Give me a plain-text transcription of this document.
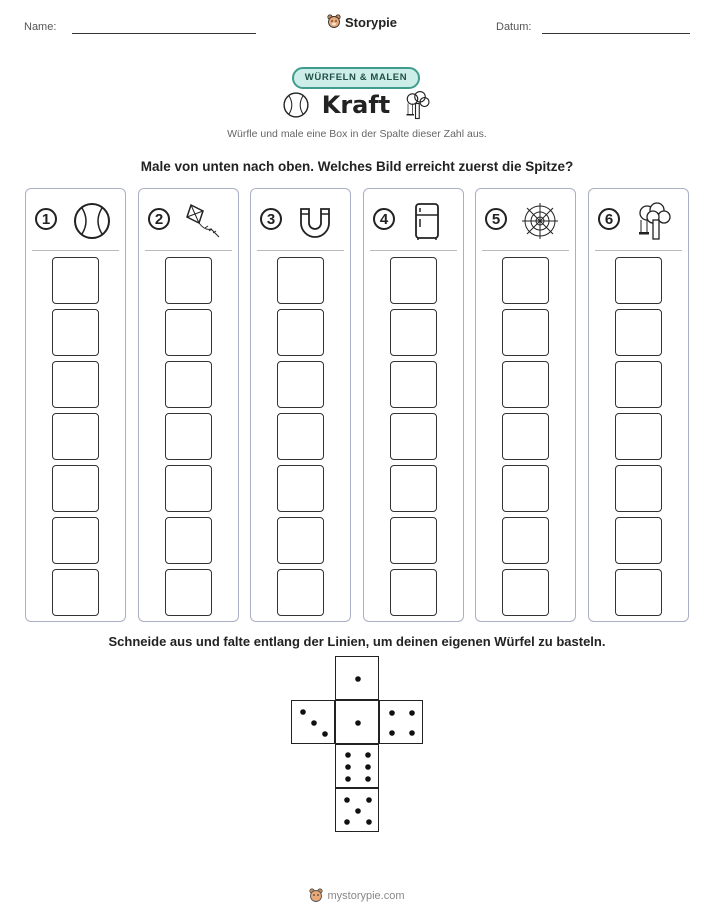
Name:	Storypie	Datum:
WÜRFELN & MALEN
Kraft
Würfle und male eine Box in der Spalte dieser Zahl aus.
Male von unten nach oben. Welches Bild erreicht zuerst die Spitze?
1	2	3	4	5	6
Schneide aus und falte entlang der Linien, um deinen eigenen Würfel zu basteln.
mystorypie.com
